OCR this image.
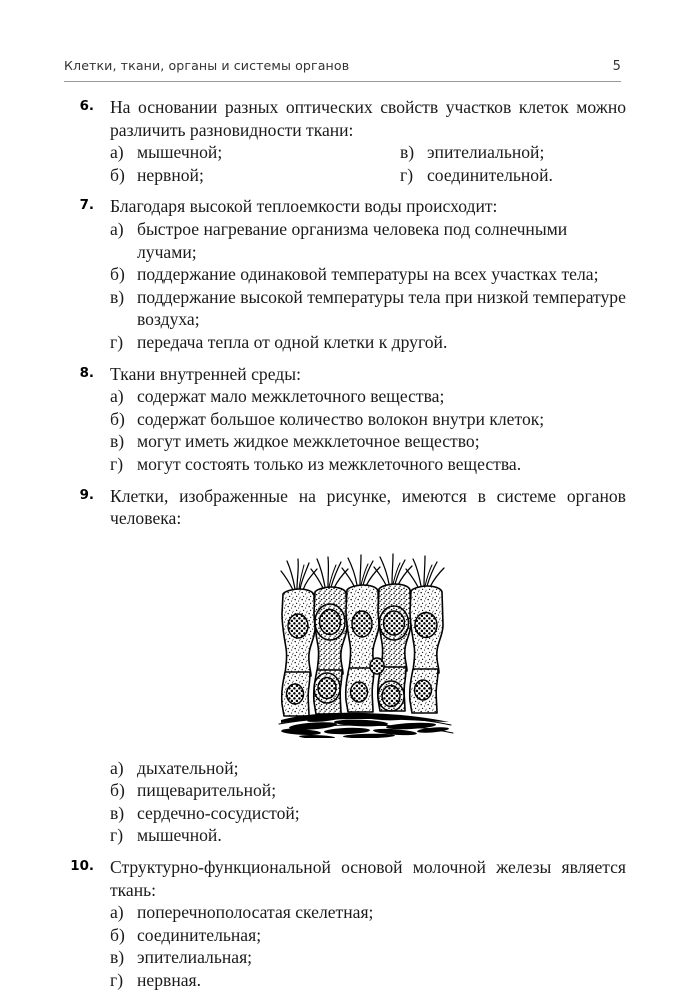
Клетки, ткани, органы и системы органов	5
6. На основании разных оптических свойств участков клеток можно различить разновидности ткани:

а) мышечной;
б) нервной;
в) эпителиальной;
г) соединительной.
7. Благодаря высокой теплоемкости воды происходит:

а) быстрое нагревание организма человека под солнечными лучами;
б) поддержание одинаковой температуры на всех участках тела;
в) поддержание высокой температуры тела при низкой температуре воздуха;
г) передача тепла от одной клетки к другой.
8. Ткани внутренней среды:

а) содержат мало межклеточного вещества;
б) содержат большое количество волокон внутри клеток;
в) могут иметь жидкое межклеточное вещество;
г) могут состоять только из межклеточного вещества.
9. Клетки, изображенные на рисунке, имеются в системе органов человека:

а) дыхательной;
б) пищеварительной;
в) сердечно-сосудистой;
г) мышечной.
10. Структурно-функциональной основой молочной железы является ткань:

а) поперечнополосатая скелетная;
б) соединительная;
в) эпителиальная;
г) нервная.
